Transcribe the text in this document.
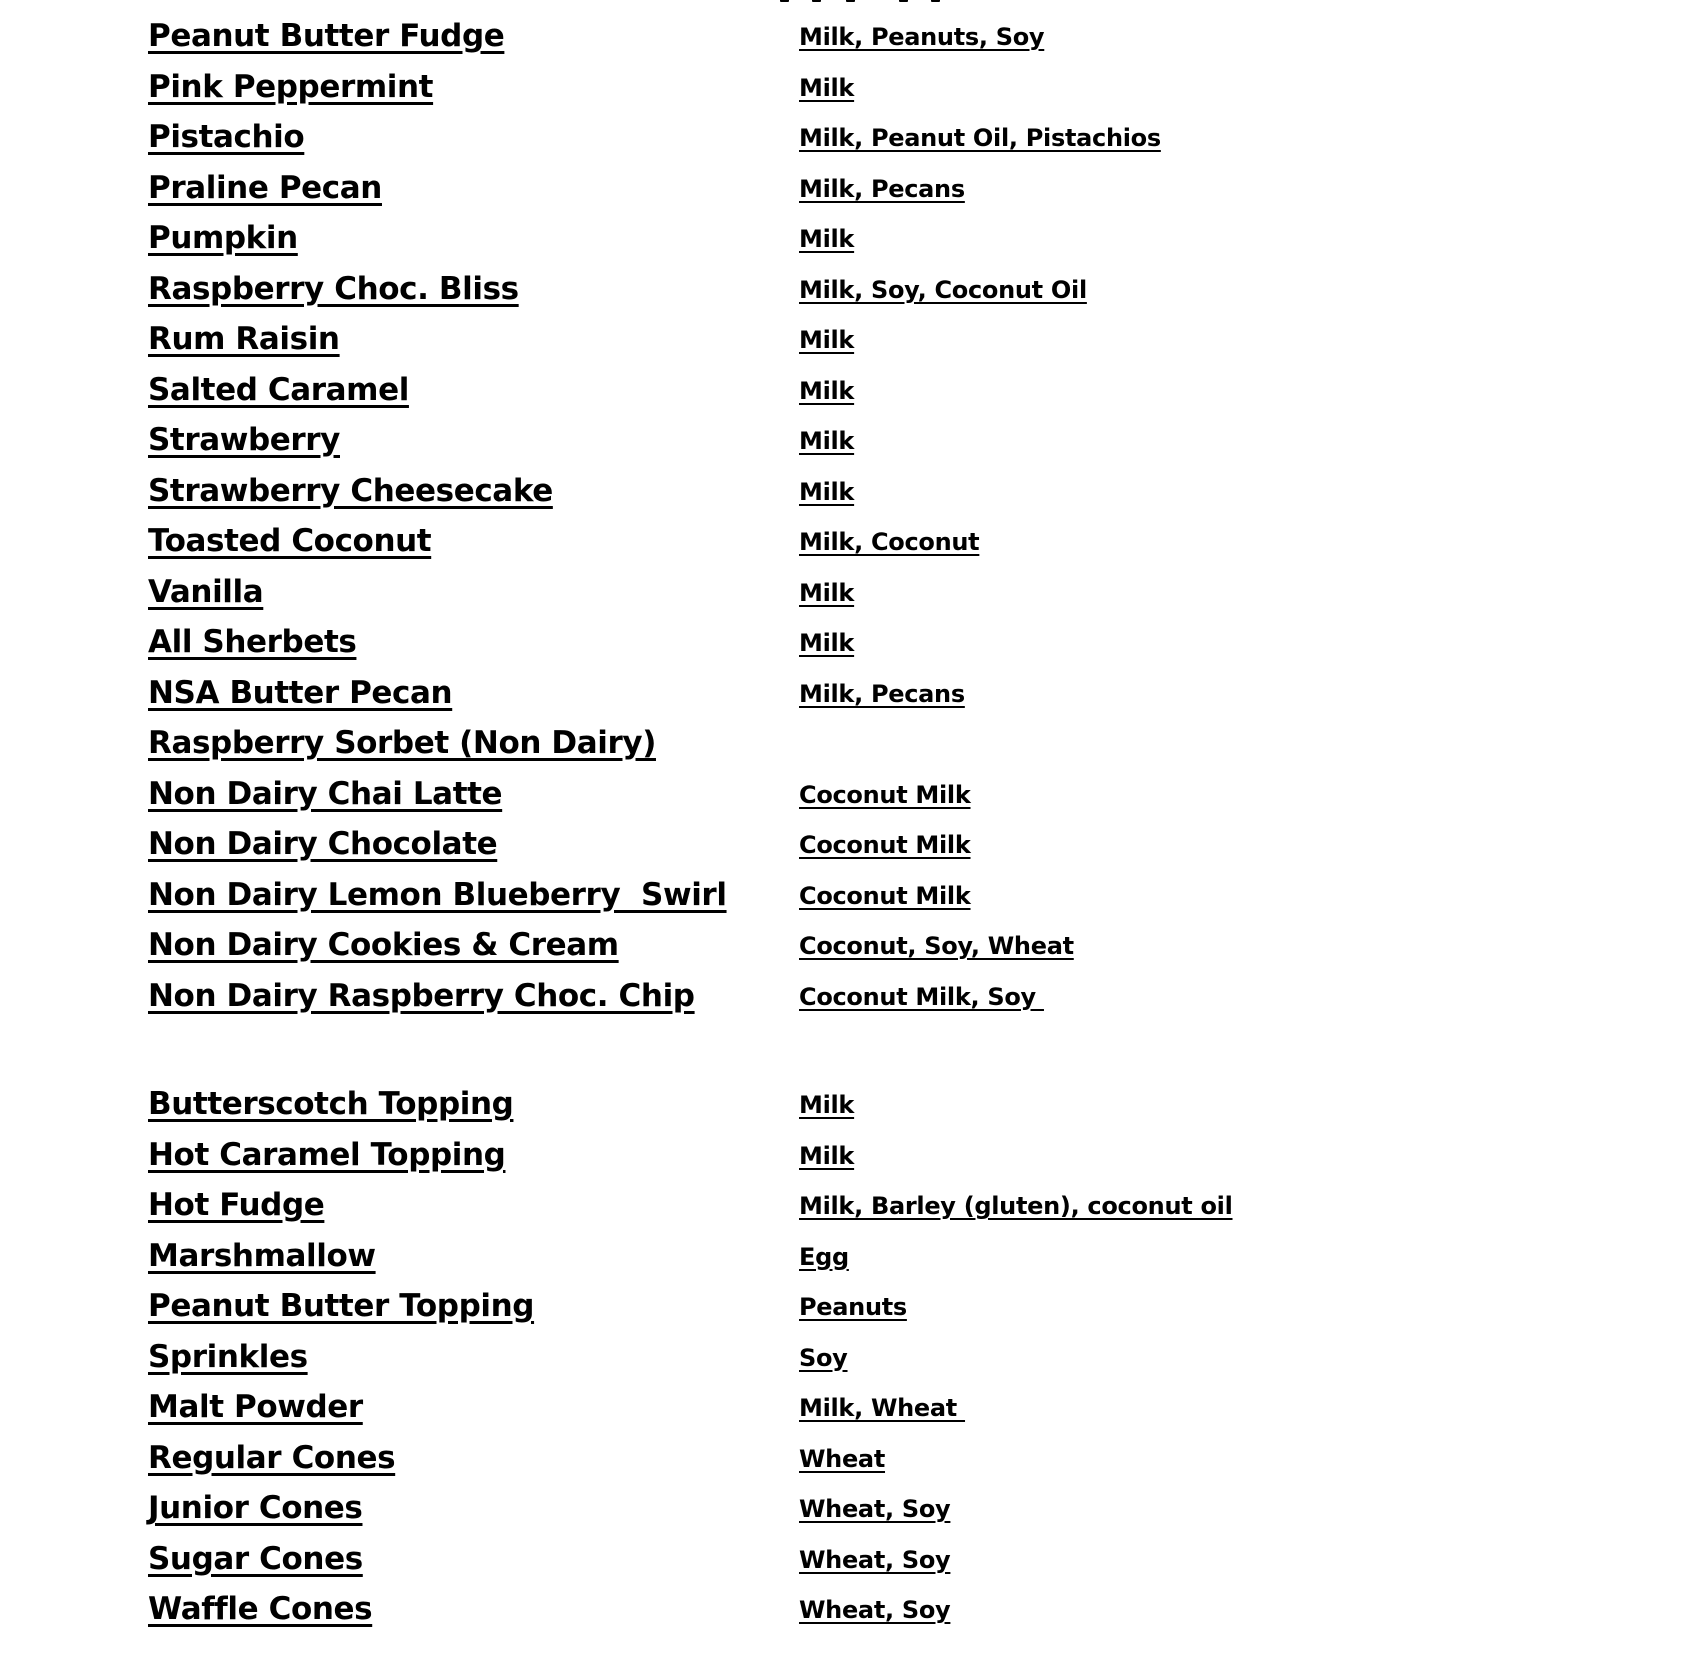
Peanut Butter Fudge	Milk, Peanuts, Soy
Pink Peppermint	Milk
Pistachio	Milk, Peanut Oil, Pistachios
Praline Pecan	Milk, Pecans
Pumpkin	Milk
Raspberry Choc. Bliss	Milk, Soy, Coconut Oil
Rum Raisin	Milk
Salted Caramel	Milk
Strawberry	Milk
Strawberry Cheesecake	Milk
Toasted Coconut	Milk, Coconut
Vanilla	Milk
All Sherbets	Milk
NSA Butter Pecan	Milk, Pecans
Raspberry Sorbet (Non Dairy)
Non Dairy Chai Latte	Coconut Milk
Non Dairy Chocolate	Coconut Milk
Non Dairy Lemon Blueberry  Swirl	Coconut Milk
Non Dairy Cookies & Cream	Coconut, Soy, Wheat
Non Dairy Raspberry Choc. Chip	Coconut Milk, Soy
Butterscotch Topping	Milk
Hot Caramel Topping	Milk
Hot Fudge	Milk, Barley (gluten), coconut oil
Marshmallow	Egg
Peanut Butter Topping	Peanuts
Sprinkles	Soy
Malt Powder	Milk, Wheat
Regular Cones	Wheat
Junior Cones	Wheat, Soy
Sugar Cones	Wheat, Soy
Waffle Cones	Wheat, Soy
